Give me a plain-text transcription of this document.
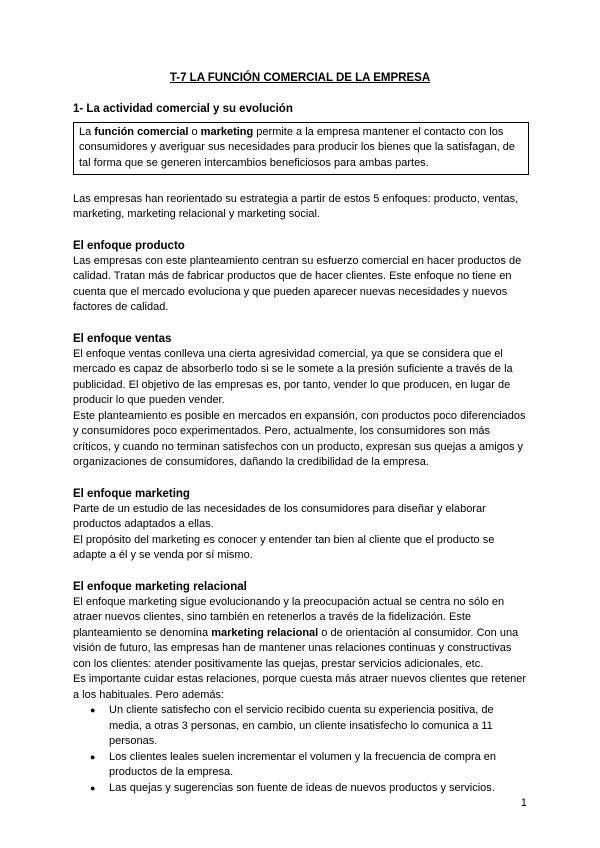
T-7 LA FUNCIÓN COMERCIAL DE LA EMPRESA
1- La actividad comercial y su evolución
La función comercial o marketing permite a la empresa mantener el contacto con los consumidores y averiguar sus necesidades para producir los bienes que la satisfagan, de tal forma que se generen intercambios beneficiosos para ambas partes.

Las empresas han reorientado su estrategia a partir de estos 5 enfoques: producto, ventas, marketing, marketing relacional y marketing social.

El enfoque producto

Las empresas con este planteamiento centran su esfuerzo comercial en hacer productos de calidad. Tratan más de fabricar productos que de hacer clientes. Este enfoque no tiene en cuenta que el mercado evoluciona y que pueden aparecer nuevas necesidades y nuevos factores de calidad.

El enfoque ventas

El enfoque ventas conlleva una cierta agresividad comercial, ya que se considera que el mercado es capaz de absorberlo todo si se le somete a la presión suficiente a través de la publicidad. El objetivo de las empresas es, por tanto, vender lo que producen, en lugar de producir lo que pueden vender.

Este planteamiento es posible en mercados en expansión, con productos poco diferenciados y consumidores poco experimentados. Pero, actualmente, los consumidores son más críticos, y cuando no terminan satisfechos con un producto, expresan sus quejas a amigos y organizaciones de consumidores, dañando la credibilidad de la empresa.

El enfoque marketing

Parte de un estudio de las necesidades de los consumidores para diseñar y elaborar productos adaptados a ellas.

El propósito del marketing es conocer y entender tan bien al cliente que el producto se adapte a él y se venda por sí mismo.

El enfoque marketing relacional

El enfoque marketing sigue evolucionando y la preocupación actual se centra no sólo en atraer nuevos clientes, sino también en retenerlos a través de la fidelización. Este planteamiento se denomina marketing relacional o de orientación al consumidor. Con una visión de futuro, las empresas han de mantener unas relaciones continuas y constructivas con los clientes: atender positivamente las quejas, prestar servicios adicionales, etc.

Es importante cuidar estas relaciones, porque cuesta más atraer nuevos clientes que retener a los habituales. Pero además:

● Un cliente satisfecho con el servicio recibido cuenta su experiencia positiva, de media, a otras 3 personas, en cambio, un cliente insatisfecho lo comunica a 11 personas.
● Los clientes leales suelen incrementar el volumen y la frecuencia de compra en productos de la empresa.
● Las quejas y sugerencias son fuente de ideas de nuevos productos y servicios.
1
